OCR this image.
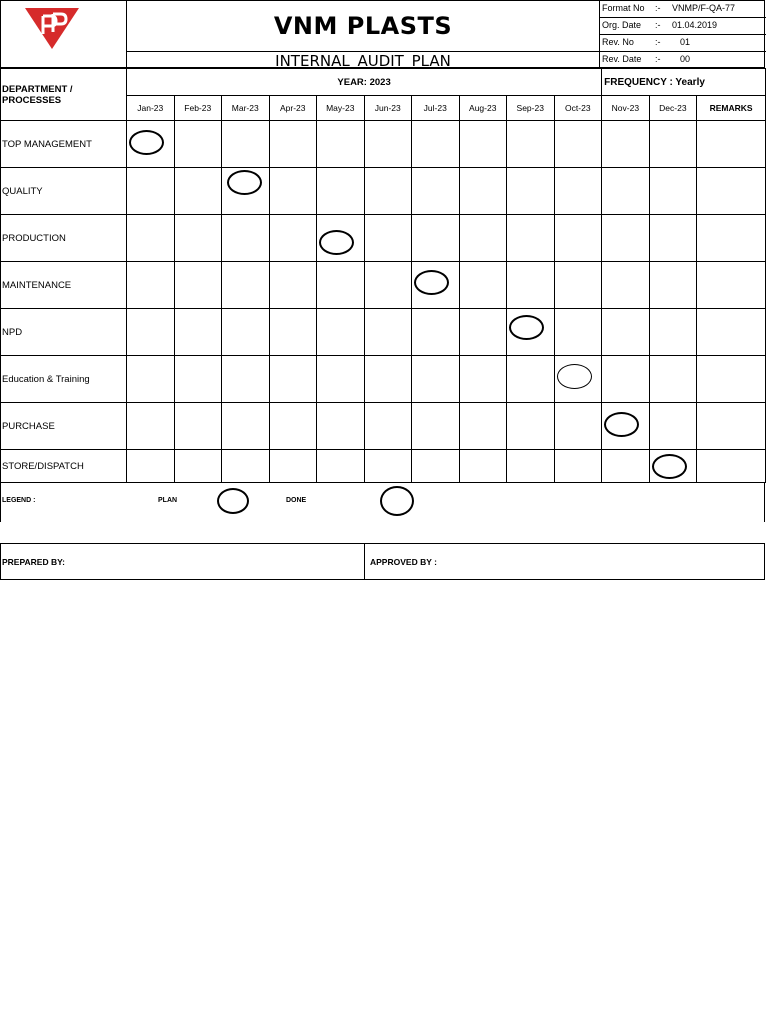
VNM PLASTS
INTERNAL AUDIT PLAN
Format No :- VNMP/F-QA-77
Org. Date :- 01.04.2019
Rev. No :- 01
Rev. Date :- 00
DEPARTMENT / PROCESSES	YEAR: 2023										FREQUENCY : Yearly		
	Jan-23	Feb-23	Mar-23	Apr-23	May-23	Jun-23	Jul-23	Aug-23	Sep-23	Oct-23	Nov-23	Dec-23	REMARKS
TOP MANAGEMENT	

QUALITY			

PRODUCTION					

MAINTENANCE							

NPD									

Education & Training										

PURCHASE											

STORE/DISPATCH												

LEGEND :	PLAN	DONE
PREPARED BY:	APPROVED BY :
